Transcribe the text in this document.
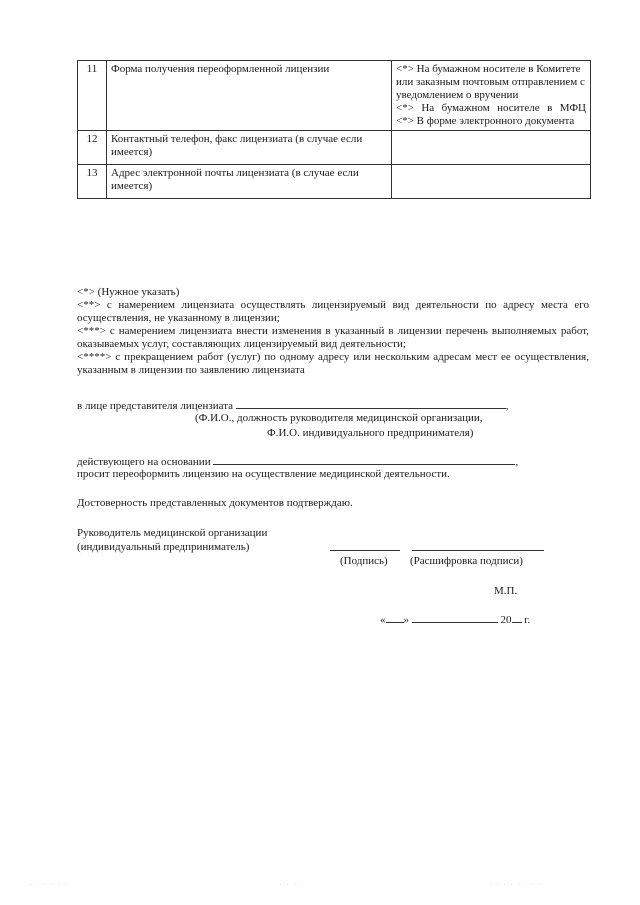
11	Форма получения переоформленной лицензии	<*> На бумажном носителе в Комитете или заказным почтовым отправлением с уведомлением о вручении
<*> На бумажном носителе в МФЦ
<*> В форме электронного документа

12	Контактный телефон, факс лицензиата (в случае если имеется)	
13	Адрес электронной почты лицензиата (в случае если имеется)	
<*> (Нужное указать)
<**> с намерением лицензиата осуществлять лицензируемый вид деятельности по адресу места его осуществления, не указанному в лицензии;
<***> с намерением лицензиата внести изменения в указанный в лицензии перечень выполняемых работ, оказываемых услуг, составляющих лицензируемый вид деятельности;
<****> с прекращением работ (услуг) по одному адресу или нескольким адресам мест ее осуществления, указанным в лицензии по заявлению лицензиата
в лице представителя лицензиата	,
(Ф.И.О., должность руководителя медицинской организации,
Ф.И.О. индивидуального предпринимателя)
действующего на основании	,
просит переоформить лицензию на осуществление медицинской деятельности.
Достоверность представленных документов подтверждаю.
Руководитель медицинской организации
(индивидуальный предприниматель)
(Подпись) (Расшифровка подписи)
М.П.
« »	20 г.
. . . . . .	. . . .	. . . . . . . .
